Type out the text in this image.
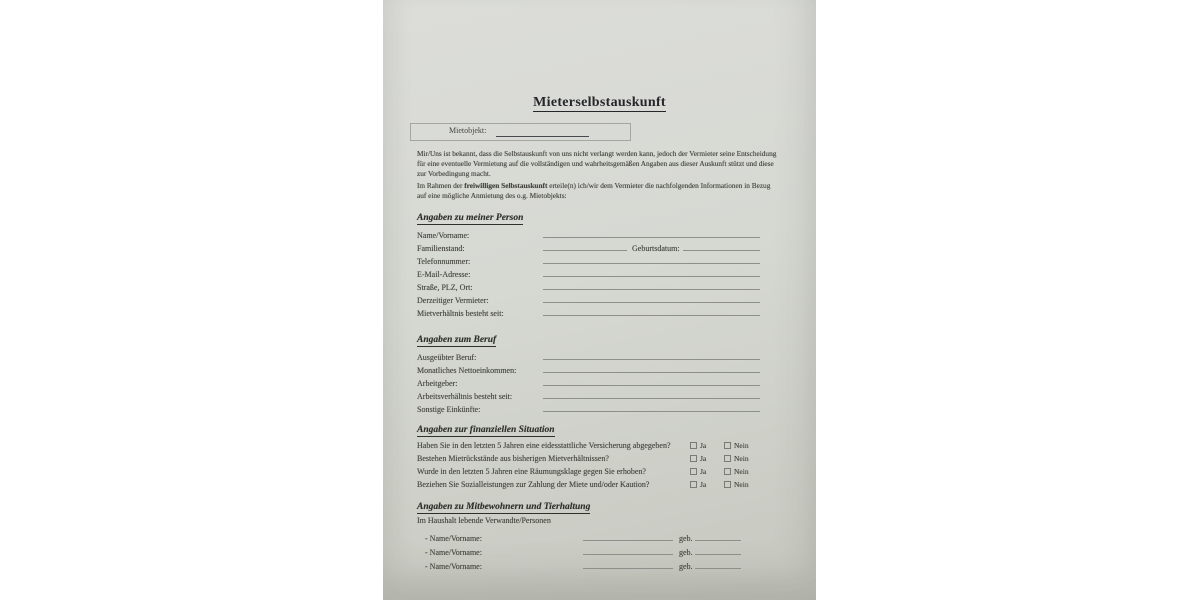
Mieterselbstauskunft
Mietobjekt:
Mir/Uns ist bekannt, dass die Selbstauskunft von uns nicht verlangt werden kann, jedoch der Vermieter seine Entscheidung für eine eventuelle Vermietung auf die vollständigen und wahrheitsgemäßen Angaben aus dieser Auskunft stützt und diese zur Vorbedingung macht.
Im Rahmen der freiwilligen Selbstauskunft erteile(n) ich/wir dem Vermieter die nachfolgenden Informationen in Bezug auf eine mögliche Anmietung des o.g. Mietobjekts:
Angaben zu meiner Person
Name/Vorname:
Familienstand:	Geburtsdatum:
Telefonnummer:
E-Mail-Adresse:
Straße, PLZ, Ort:
Derzeitiger Vermieter:
Mietverhältnis besteht seit:
Angaben zum Beruf
Ausgeübter Beruf:
Monatliches Nettoeinkommen:
Arbeitgeber:
Arbeitsverhältnis besteht seit:
Sonstige Einkünfte:
Angaben zur finanziellen Situation
Haben Sie in den letzten 5 Jahren eine eidesstattliche Versicherung abgegeben?	Ja	Nein
Bestehen Mietrückstände aus bisherigen Mietverhältnissen?	Ja	Nein
Wurde in den letzten 5 Jahren eine Räumungsklage gegen Sie erhoben?	Ja	Nein
Beziehen Sie Sozialleistungen zur Zahlung der Miete und/oder Kaution?	Ja	Nein
Angaben zu Mitbewohnern und Tierhaltung
Im Haushalt lebende Verwandte/Personen
- Name/Vorname:	geb.
- Name/Vorname:	geb.
- Name/Vorname:	geb.
